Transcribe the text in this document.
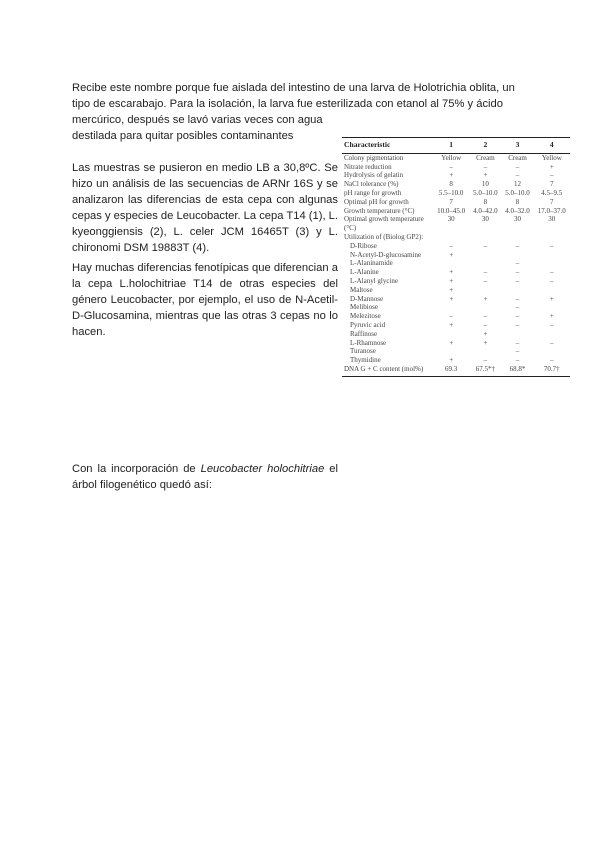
Recibe este nombre porque fue aislada del intestino de una larva de Holotrichia oblita, un
tipo de escarabajo. Para la isolación, la larva fue esterilizada con etanol al 75% y ácido
mercúrico, después se lavó varias veces con agua
destilada para quitar posibles contaminantes

Las muestras se pusieron en medio LB a 30,8ºC. Se hizo un análisis de las secuencias de ARNr 16S y se analizaron las diferencias de esta cepa con algunas cepas y especies de Leucobacter. La cepa T14 (1), L. kyeonggiensis (2), L. celer JCM 16465T (3) y L. chironomi DSM 19883T (4).

Hay muchas diferencias fenotípicas que diferencian a la cepa L.holochitriae T14 de otras especies del género Leucobacter, por ejemplo, el uso de N-Acetil-D-Glucosamina, mientras que las otras 3 cepas no lo hacen.

Con la incorporación de Leucobacter holochitriae el árbol filogenético quedó así:

Characteristic	1	2	3	4
Colony pigmentation	Yellow	Cream	Cream	Yellow
Nitrate reduction	–	–	–	+
Hydrolysis of gelatin	+	+	–	–
NaCl tolerance (%)	8	10	12	7
pH range for growth	5.5–10.0	5.0–10.0	5.0–10.0	4.5–9.5
Optimal pH for growth	7	8	8	7
Growth temperature (°C)	10.0–45.0	4.0–42.0	4.0–32.0	17.0–37.0
Optimal growth temperature (°C)	30	30	30	30
Utilization of (Biolog GP2):				
D-Ribose	–	–	–	–
N-Acetyl-D-glucosamine	+			
L-Alaninamide			–	
L-Alanine	+	–	–	–
L-Alanyl glycine	+	–	–	–
Maltose	+			
D-Mannose	+	+	–	+
Melibiose			–	
Melezitose	–	–	–	+
Pyruvic acid	+	–	–	–
Raffinose		+		
L-Rhamnose	+	+	–	–
Turanose			–	
Thymidine	+	–	–	–
DNA G + C content (mol%)	69.3	67.5*†	68.8*	70.7†
